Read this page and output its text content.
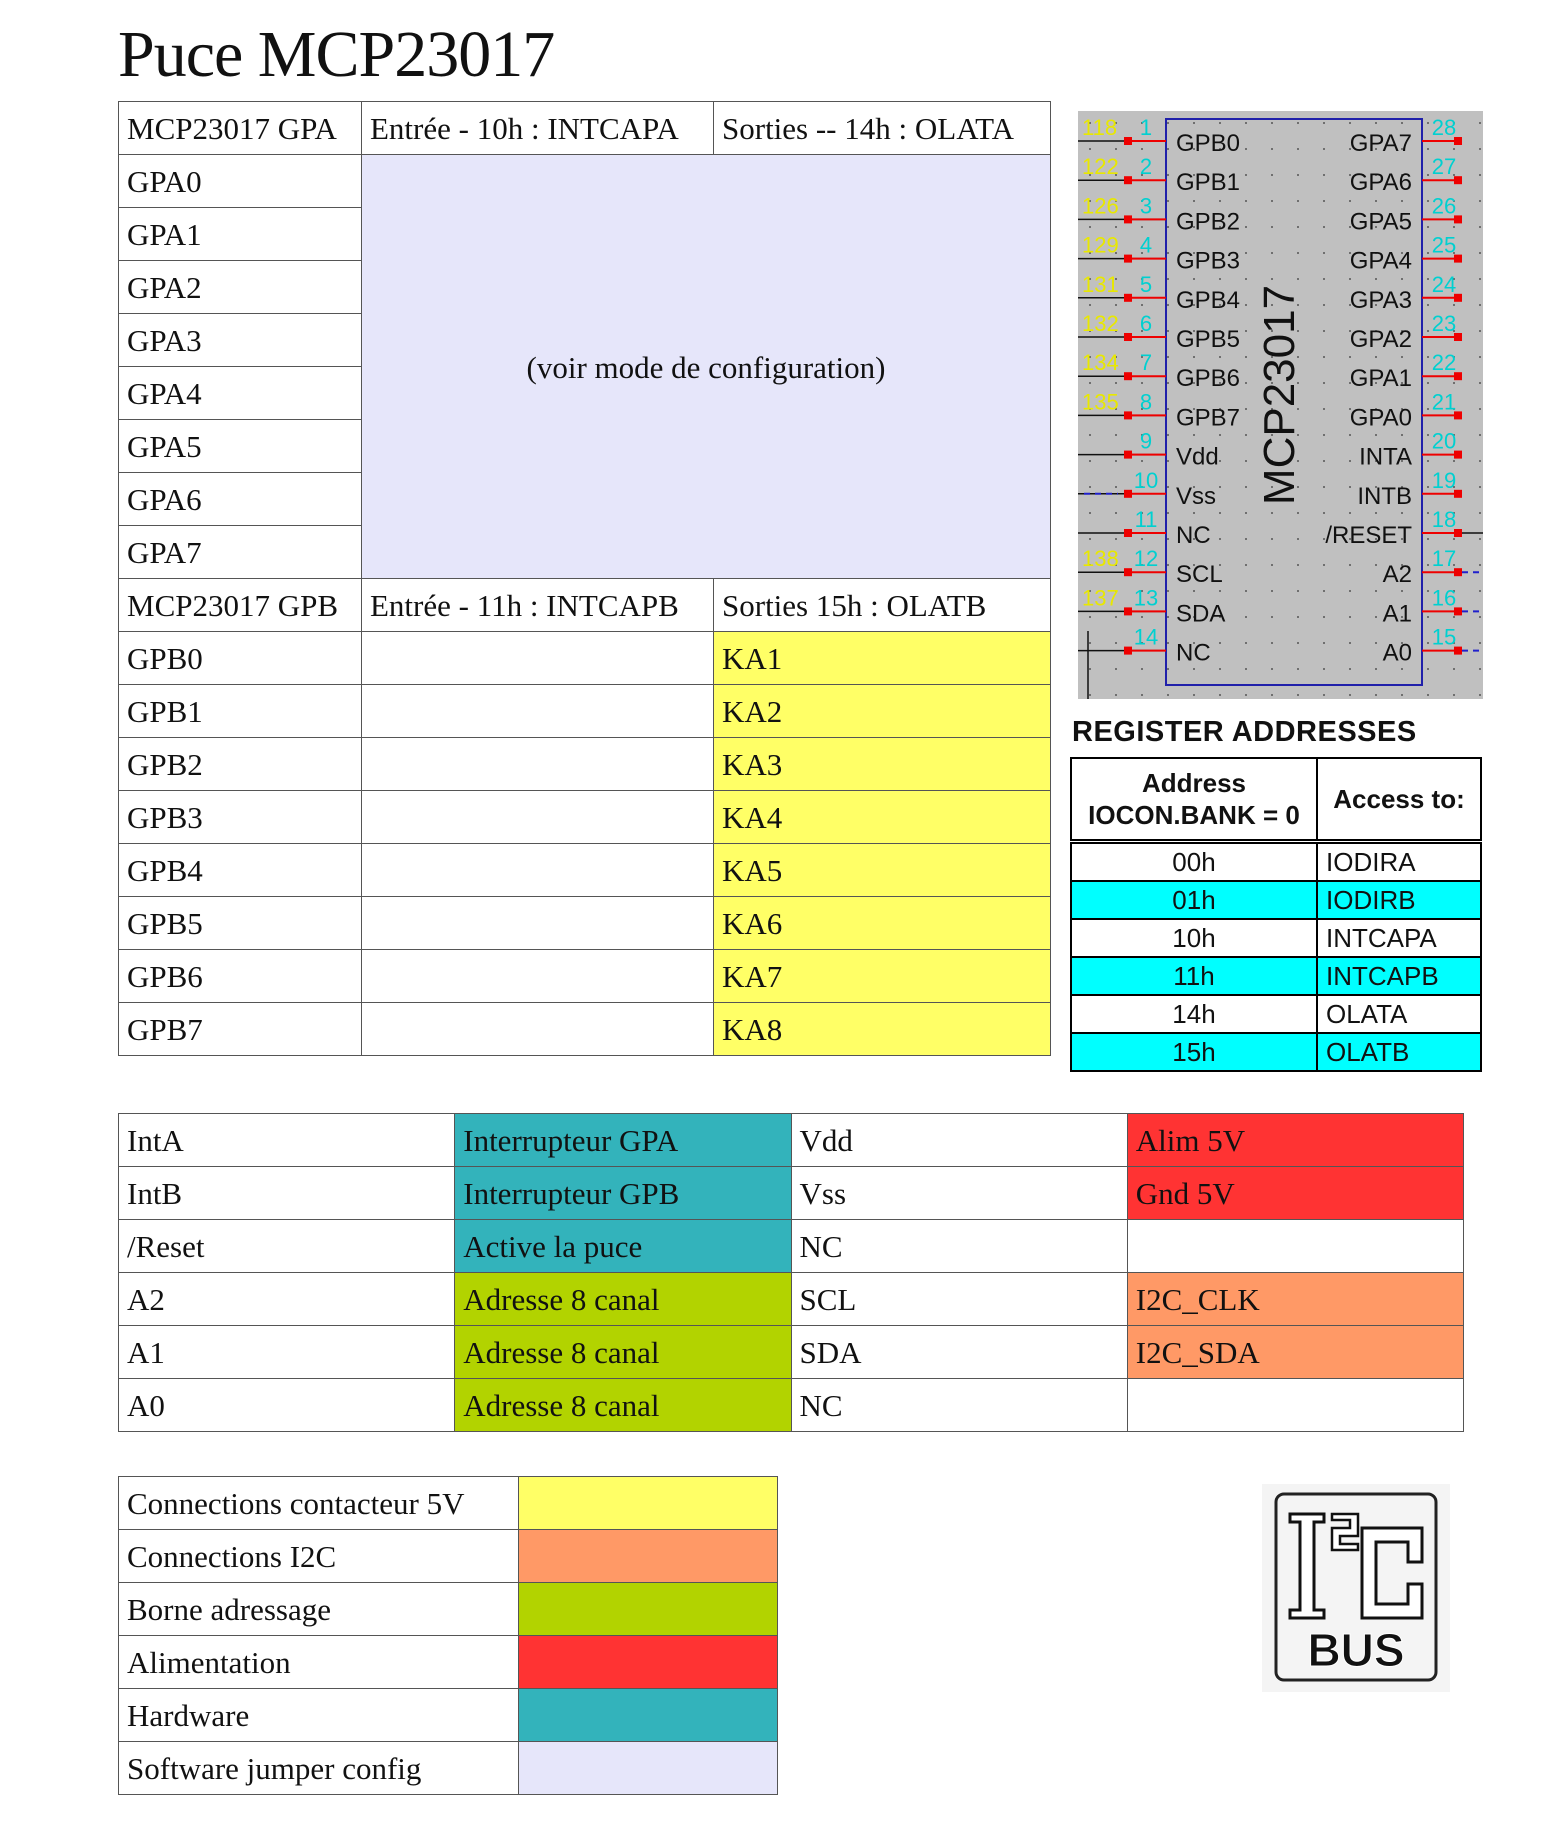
Puce MCP23017
MCP23017 GPA	Entrée - 10h : INTCAPA	Sorties -- 14h : OLATA
GPA0	(voir mode de configuration)	
GPA1		
GPA2		
GPA3		
GPA4		
GPA5		
GPA6		
GPA7		
MCP23017 GPB	Entrée - 11h : INTCAPB	Sorties 15h : OLATB
GPB0		KA1
GPB1		KA2
GPB2		KA3
GPB3		KA4
GPB4		KA5
GPB5		KA6
GPB6		KA7
GPB7		KA8
1
118
GPB0
2
122
GPB1
3
126
GPB2
4
129
GPB3
5
131
GPB4
6
132
GPB5
7
134
GPB6
8
135
GPB7
9
Vdd
10
Vss
11
NC
12
138
SCL
13
137
SDA
14
NC
28
GPA7
27
GPA6
26
GPA5
25
GPA4
24
GPA3
23
GPA2
22
GPA1
21
GPA0
20
INTA
19
INTB
18
/RESET
17
A2
16
A1
15
A0
MCP23017
REGISTER ADDRESSES
Address
IOCON.BANK = 0	Access to:
00h	IODIRA
01h	IODIRB
10h	INTCAPA
11h	INTCAPB
14h	OLATA
15h	OLATB
IntA	Interrupteur GPA	Vdd	Alim 5V
IntB	Interrupteur GPB	Vss	Gnd 5V
/Reset	Active la puce	NC	
A2	Adresse 8 canal	SCL	I2C_CLK
A1	Adresse 8 canal	SDA	I2C_SDA
A0	Adresse 8 canal	NC	
Connections contacteur 5V	
Connections I2C	
Borne adressage	
Alimentation	
Hardware	
Software jumper config	
BUS
